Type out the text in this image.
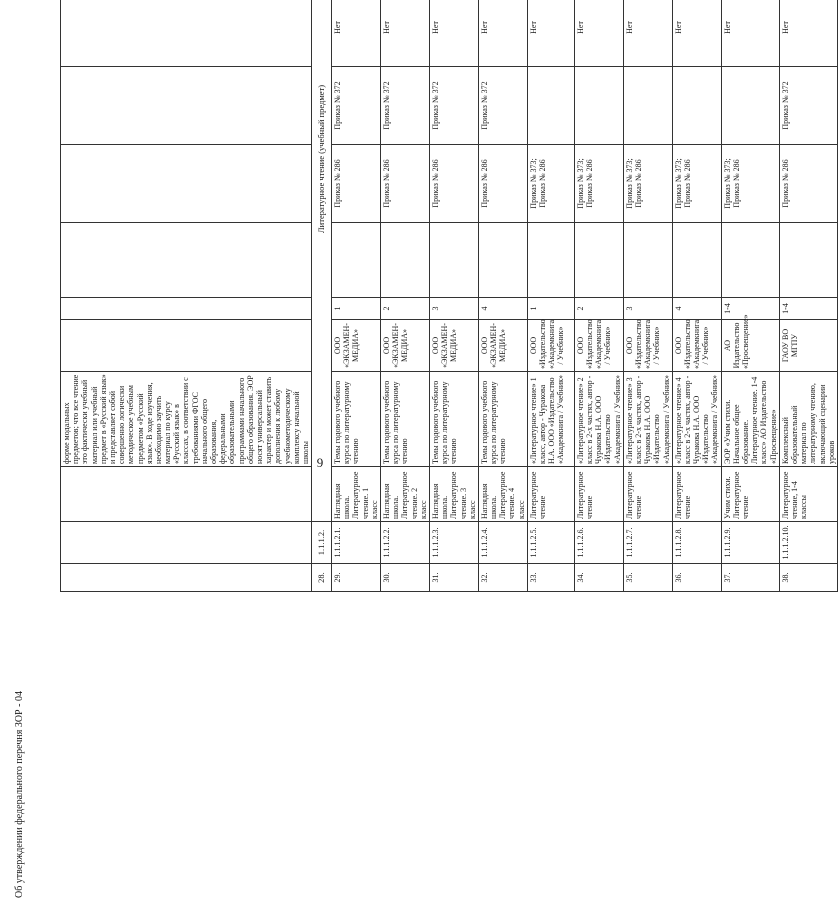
9
			форме модальных предметов; что все чтение это фактически учебный материал или учебный предмет в «Русский язык» и представляет собой совершенно логически методическое учебным предметом «Русский язык». В ходе изучения, необходимо заучить материал по курсу «Русский язык» в классах, в соответствии с требованиями ФГОС начального общего образования, федеральными образовательными программами начального общего образования. ЭОР носят универсальный характер и может ставить дополнения к любому учебнометодическому комплексу начальной школы									
28.	1.1.1.2.	Литературное чтение (учебный предмет)										
29.	1.1.1.2.1.	Наглядная школа. Литературное чтение. 1 класс	Темы годового учебного курса по литературному чтению	ООО «ЭКЗАМЕН-МЕДИА»	1		Приказ № 286	Приказ № 372	Нет			
30.	1.1.1.2.2.	Наглядная школа. Литературное чтение. 2 класс	Темы годового учебного курса по литературному чтению	ООО «ЭКЗАМЕН-МЕДИА»	2		Приказ № 286	Приказ № 372	Нет			
31.	1.1.1.2.3.	Наглядная школа. Литературное чтение. 3 класс	Темы годового учебного курса по литературному чтению	ООО «ЭКЗАМЕН-МЕДИА»	3		Приказ № 286	Приказ № 372	Нет			
32.	1.1.1.2.4.	Наглядная школа. Литературное чтение. 4 класс	Темы годового учебного курса по литературному чтению	ООО «ЭКЗАМЕН-МЕДИА»	4		Приказ № 286	Приказ № 372	Нет			
33.	1.1.1.2.5.	Литературное чтение	«Литературное чтение» 1 класс, автор - Чуракова Н.А. ООО «Издательство «Академкнига / Учебник»	ООО «Издательство «Академкнига / Учебник»	1		Приказ № 373; Приказ № 286		Нет			
34.	1.1.1.2.6.	Литературное чтение	«Литературное чтение» 2 класс в 2-х частях, автор - Чуракова Н.А. ООО «Издательство «Академкнига / Учебник»	ООО «Издательство «Академкнига / Учебник»	2		Приказ № 373; Приказ № 286		Нет			
35.	1.1.1.2.7.	Литературное чтение	«Литературное чтение» 3 класс в 2-х частях, автор - Чуракова Н.А. ООО «Издательство «Академкнига / Учебник»	ООО «Издательство «Академкнига / Учебник»	3		Приказ № 373; Приказ № 286		Нет			
36.	1.1.1.2.8.	Литературное чтение	«Литературное чтение» 4 класс в 2-х частях, автор - Чуракова Н.А. ООО «Издательство «Академкнига / Учебник»	ООО «Издательство «Академкнига / Учебник»	4		Приказ № 373; Приказ № 286		Нет			
37.	1.1.1.2.9.	Учим стихи. Литературное чтение	ЭОР «Учим стихи. Начальное общее образование. Литературное чтение. 1-4 класс» АО Издательство «Просвещение»	АО Издательство «Просвещение»	1-4		Приказ № 373; Приказ № 286		Нет			
38.	1.1.1.2.10.	Литературное чтение, 1-4 классы	Комплексный образовательный материал по литературному чтению, включающий сценарии уроков	ГАОУ ВО МГПУ	1-4		Приказ № 286	Приказ № 372	Нет			
Об утверждении федерального перечня ЗОР - 04
